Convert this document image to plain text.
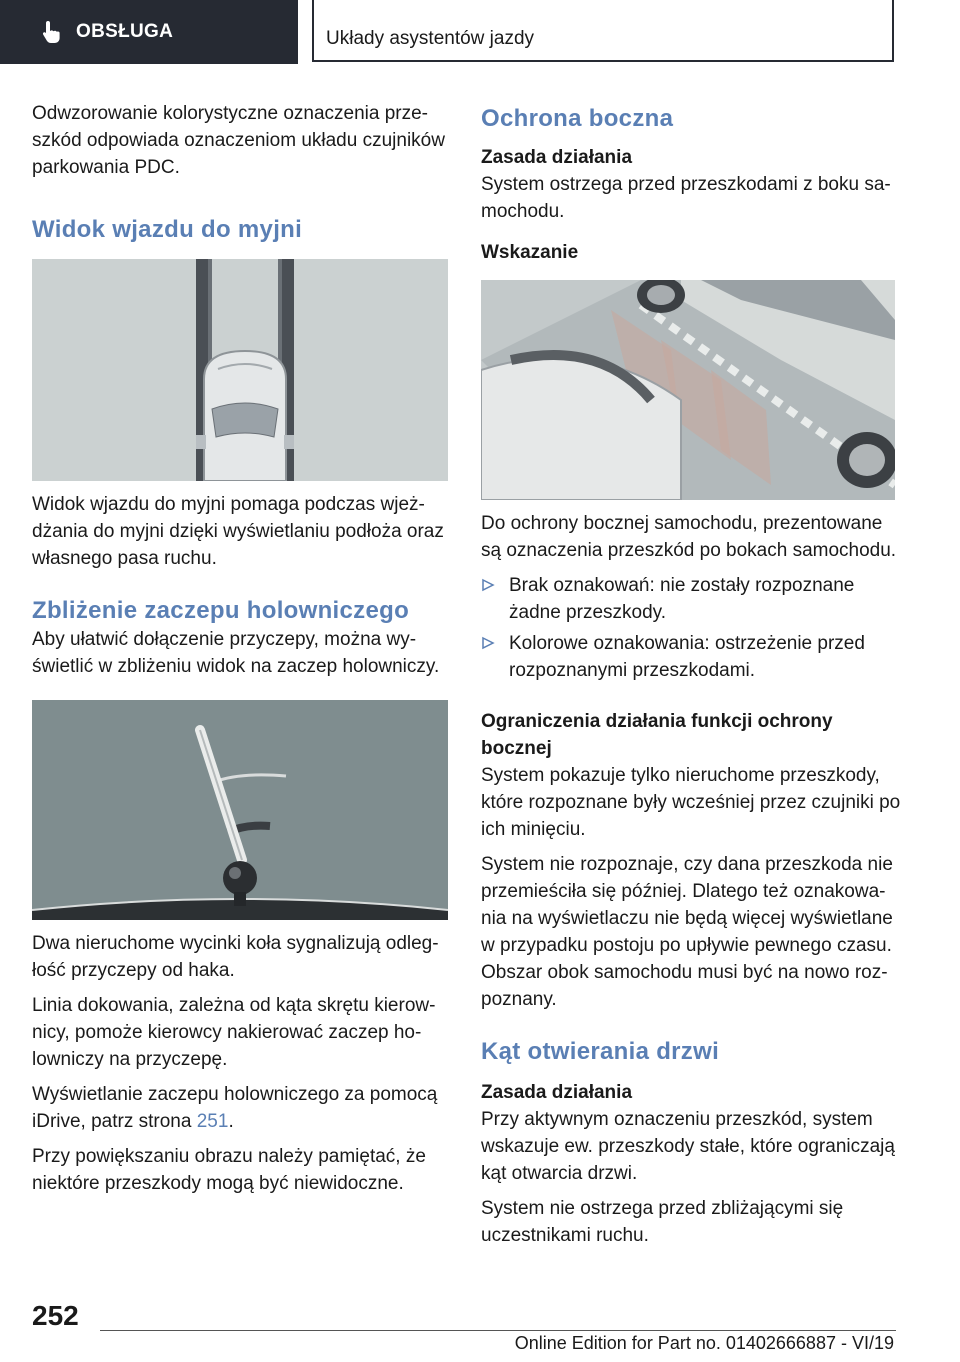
OBSŁUGA	Układy asystentów jazdy

Odwzorowanie kolorystyczne oznaczenia prze-szkód odpowiada oznaczeniom układu czujników parkowania PDC.

Widok wjazdu do myjni

Widok wjazdu do myjni pomaga podczas wjeż-dżania do myjni dzięki wyświetlaniu podłoża oraz własnego pasa ruchu.

Zbliżenie zaczepu holowniczego

Aby ułatwić dołączenie przyczepy, można wy-świetlić w zbliżeniu widok na zaczep holowniczy.

Dwa nieruchome wycinki koła sygnalizują odleg-łość przyczepy od haka.

Linia dokowania, zależna od kąta skrętu kierow-nicy, pomoże kierowcy nakierować zaczep ho-lowniczy na przyczepę.

Wyświetlanie zaczepu holowniczego za pomocą iDrive, patrz strona 251.

Przy powiększaniu obrazu należy pamiętać, że niektóre przeszkody mogą być niewidoczne.

Ochrona boczna
Zasada działania

System ostrzega przed przeszkodami z boku sa-mochodu.

Wskazanie

Do ochrony bocznej samochodu, prezentowane są oznaczenia przeszkód po bokach samochodu.

Brak oznakowań: nie zostały rozpoznane żadne przeszkody.
Kolorowe oznakowania: ostrzeżenie przed rozpoznanymi przeszkodami.
Ograniczenia działania funkcji ochrony bocznej

System pokazuje tylko nieruchome przeszkody, które rozpoznane były wcześniej przez czujniki po ich minięciu.

System nie rozpoznaje, czy dana przeszkoda nie przemieściła się później. Dlatego też oznakowa-nia na wyświetlaczu nie będą więcej wyświetlane w przypadku postoju po upływie pewnego czasu. Obszar obok samochodu musi być na nowo roz-poznany.

Kąt otwierania drzwi
Zasada działania

Przy aktywnym oznaczeniu przeszkód, system wskazuje ew. przeszkody stałe, które ograniczają kąt otwarcia drzwi.

System nie ostrzega przed zbliżającymi się uczestnikami ruchu.

252
Online Edition for Part no. 01402666887 - VI/19
